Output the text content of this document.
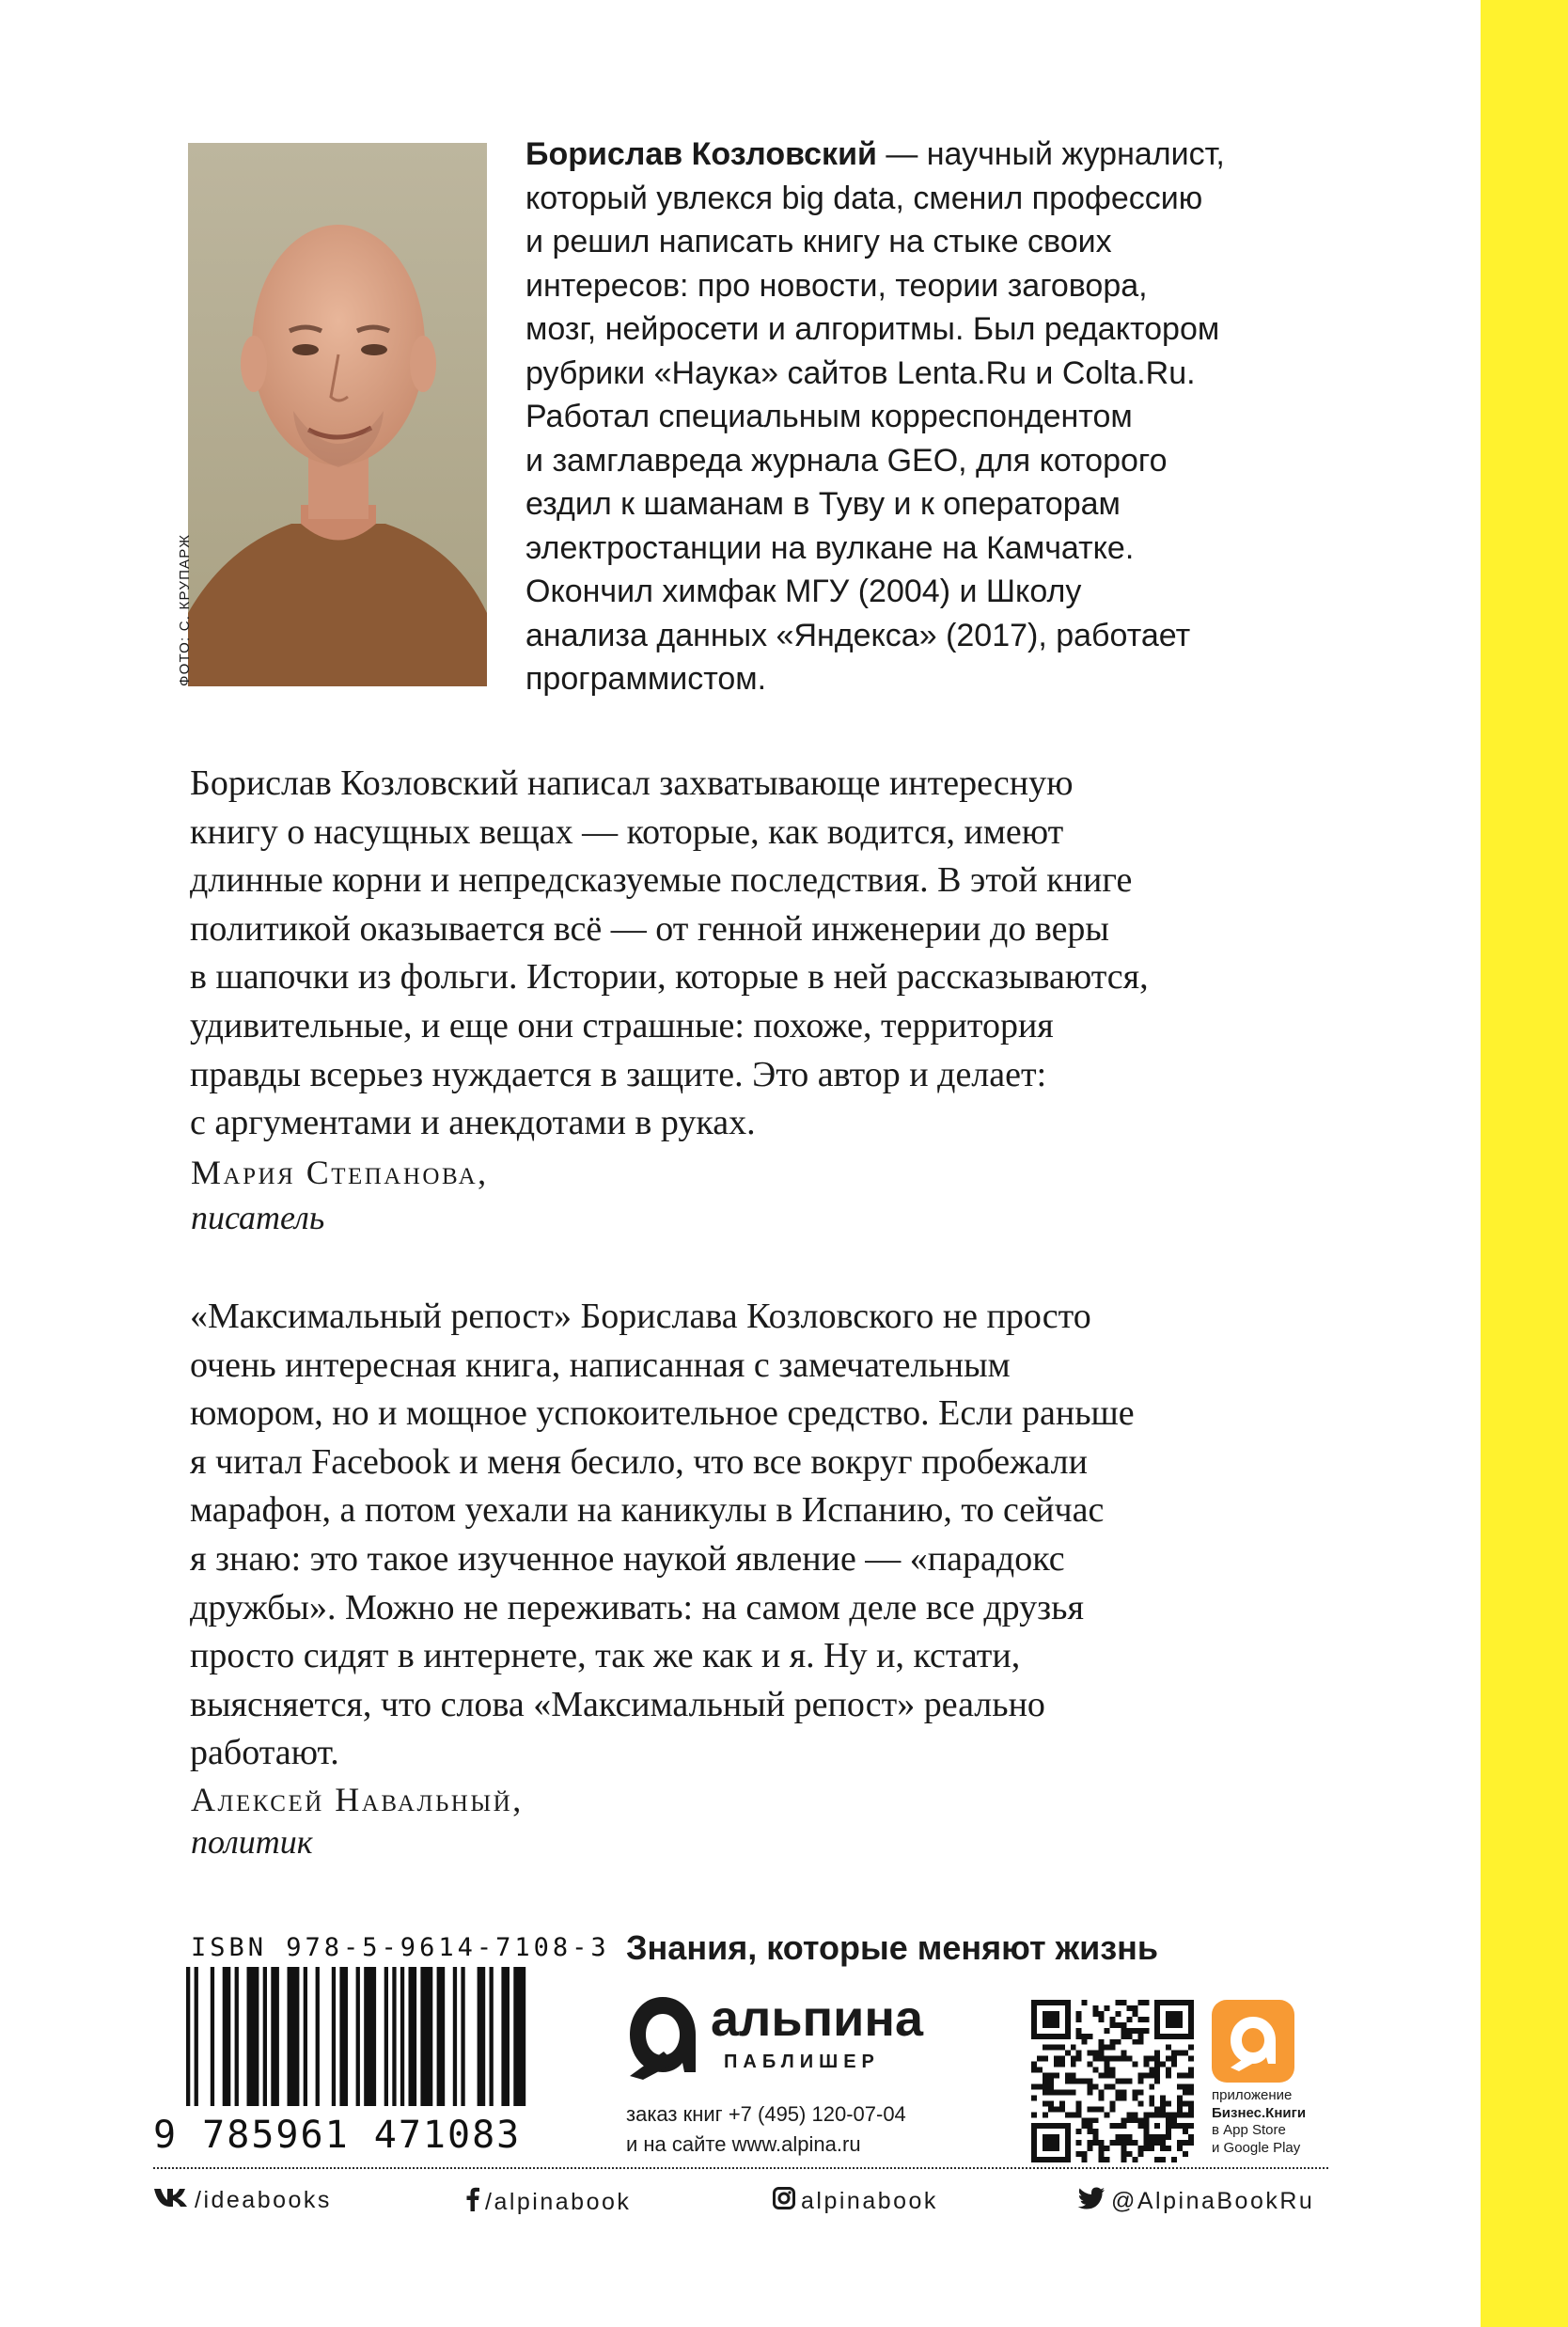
ФОТО: С. КРУПАРЖ
Борислав Козловский — научный журналист,
который увлекся big data, сменил профессию
и решил написать книгу на стыке своих
интересов: про новости, теории заговора,
мозг, нейросети и алгоритмы. Был редактором
рубрики «Наука» сайтов Lenta.Ru и Colta.Ru.
Работал специальным корреспондентом
и замглавреда журнала GEO, для которого
ездил к шаманам в Туву и к операторам
электростанции на вулкане на Камчатке.
Окончил химфак МГУ (2004) и Школу
анализа данных «Яндекса» (2017), работает
программистом.
Борислав Козловский написал захватывающе интересную
книгу о насущных вещах — которые, как водится, имеют
длинные корни и непредсказуемые последствия. В этой книге
политикой оказывается всё — от генной инженерии до веры
в шапочки из фольги. Истории, которые в ней рассказываются,
удивительные, и еще они страшные: похоже, территория
правды всерьез нуждается в защите. Это автор и делает:
с аргументами и анекдотами в руках.
Мария Степанова,
писатель
«Максимальный репост» Борислава Козловского не просто
очень интересная книга, написанная с замечательным
юмором, но и мощное успокоительное средство. Если раньше
я читал Facebook и меня бесило, что все вокруг пробежали
марафон, а потом уехали на каникулы в Испанию, то сейчас
я знаю: это такое изученное наукой явление — «парадокс
дружбы». Можно не переживать: на самом деле все друзья
просто сидят в интернете, так же как и я. Ну и, кстати,
выясняется, что слова «Максимальный репост» реально
работают.
Алексей Навальный,
политик
ISBN 978-5-9614-7108-3
9 785961 471083
Знания, которые меняют жизнь
альпина
ПАБЛИШЕР
заказ книг +7 (495) 120-07-04
и на сайте www.alpina.ru
приложение
Бизнес.Книги
в App Store
и Google Play
/ideabooks	/alpinabook	alpinabook	@AlpinaBookRu
